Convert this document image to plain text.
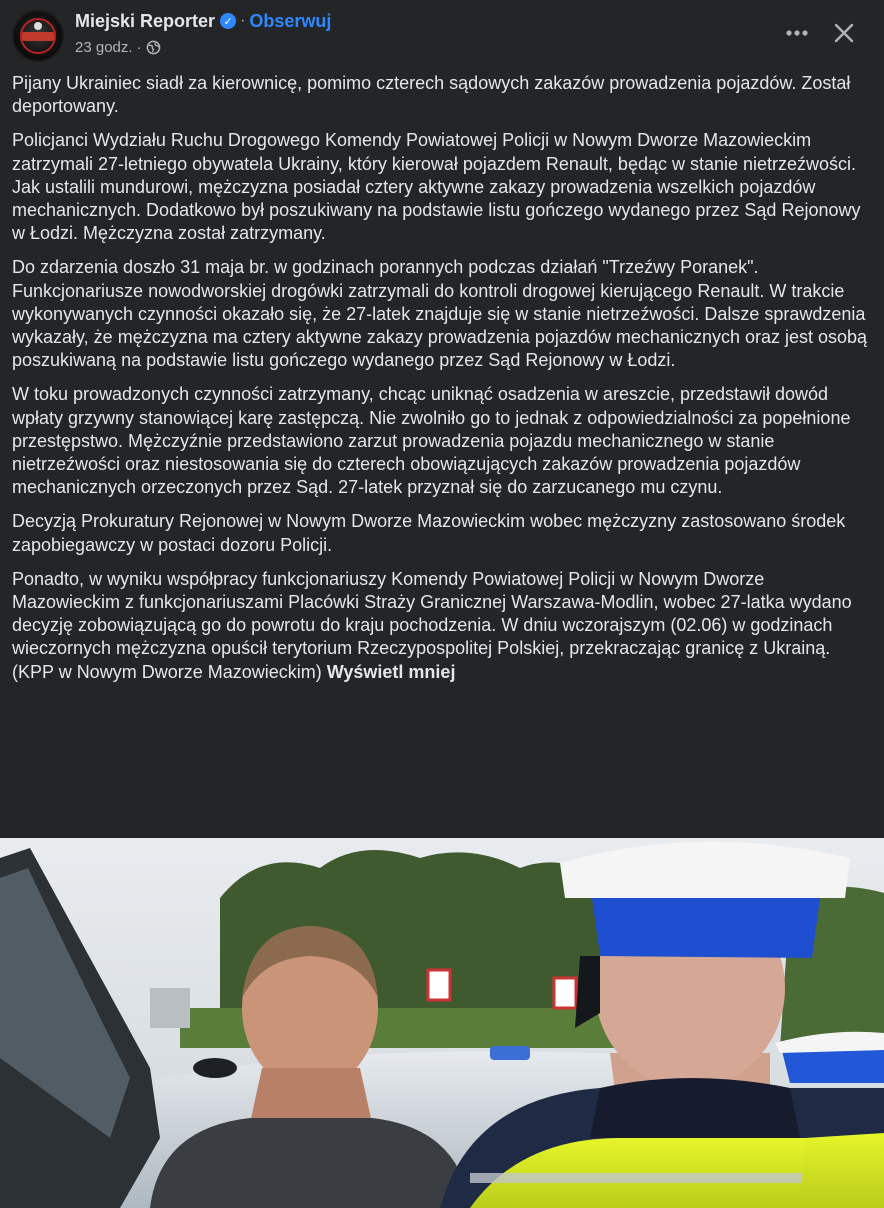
Miejski Reporter ✓ · Obserwuj
23 godz. ·

Pijany Ukrainiec siadł za kierownicę, pomimo czterech sądowych zakazów prowadzenia pojazdów. Został deportowany.

Policjanci Wydziału Ruchu Drogowego Komendy Powiatowej Policji w Nowym Dworze Mazowieckim zatrzymali 27-letniego obywatela Ukrainy, który kierował pojazdem Renault, będąc w stanie nietrzeźwości. Jak ustalili mundurowi, mężczyzna posiadał cztery aktywne zakazy prowadzenia wszelkich pojazdów mechanicznych. Dodatkowo był poszukiwany na podstawie listu gończego wydanego przez Sąd Rejonowy w Łodzi. Mężczyzna został zatrzymany.

Do zdarzenia doszło 31 maja br. w godzinach porannych podczas działań "Trzeźwy Poranek". Funkcjonariusze nowodworskiej drogówki zatrzymali do kontroli drogowej kierującego Renault. W trakcie wykonywanych czynności okazało się, że 27-latek znajduje się w stanie nietrzeźwości. Dalsze sprawdzenia wykazały, że mężczyzna ma cztery aktywne zakazy prowadzenia pojazdów mechanicznych oraz jest osobą poszukiwaną na podstawie listu gończego wydanego przez Sąd Rejonowy w Łodzi.

W toku prowadzonych czynności zatrzymany, chcąc uniknąć osadzenia w areszcie, przedstawił dowód wpłaty grzywny stanowiącej karę zastępczą. Nie zwolniło go to jednak z odpowiedzialności za popełnione przestępstwo. Mężczyźnie przedstawiono zarzut prowadzenia pojazdu mechanicznego w stanie nietrzeźwości oraz niestosowania się do czterech obowiązujących zakazów prowadzenia pojazdów mechanicznych orzeczonych przez Sąd. 27-latek przyznał się do zarzucanego mu czynu.

Decyzją Prokuratury Rejonowej w Nowym Dworze Mazowieckim wobec mężczyzny zastosowano środek zapobiegawczy w postaci dozoru Policji.

Ponadto, w wyniku współpracy funkcjonariuszy Komendy Powiatowej Policji w Nowym Dworze Mazowieckim z funkcjonariuszami Placówki Straży Granicznej Warszawa-Modlin, wobec 27-latka wydano decyzję zobowiązującą go do powrotu do kraju pochodzenia. W dniu wczorajszym (02.06) w godzinach wieczornych mężczyzna opuścił terytorium Rzeczypospolitej Polskiej, przekraczając granicę z Ukrainą.
(KPP w Nowym Dworze Mazowieckim) Wyświetl mniej
